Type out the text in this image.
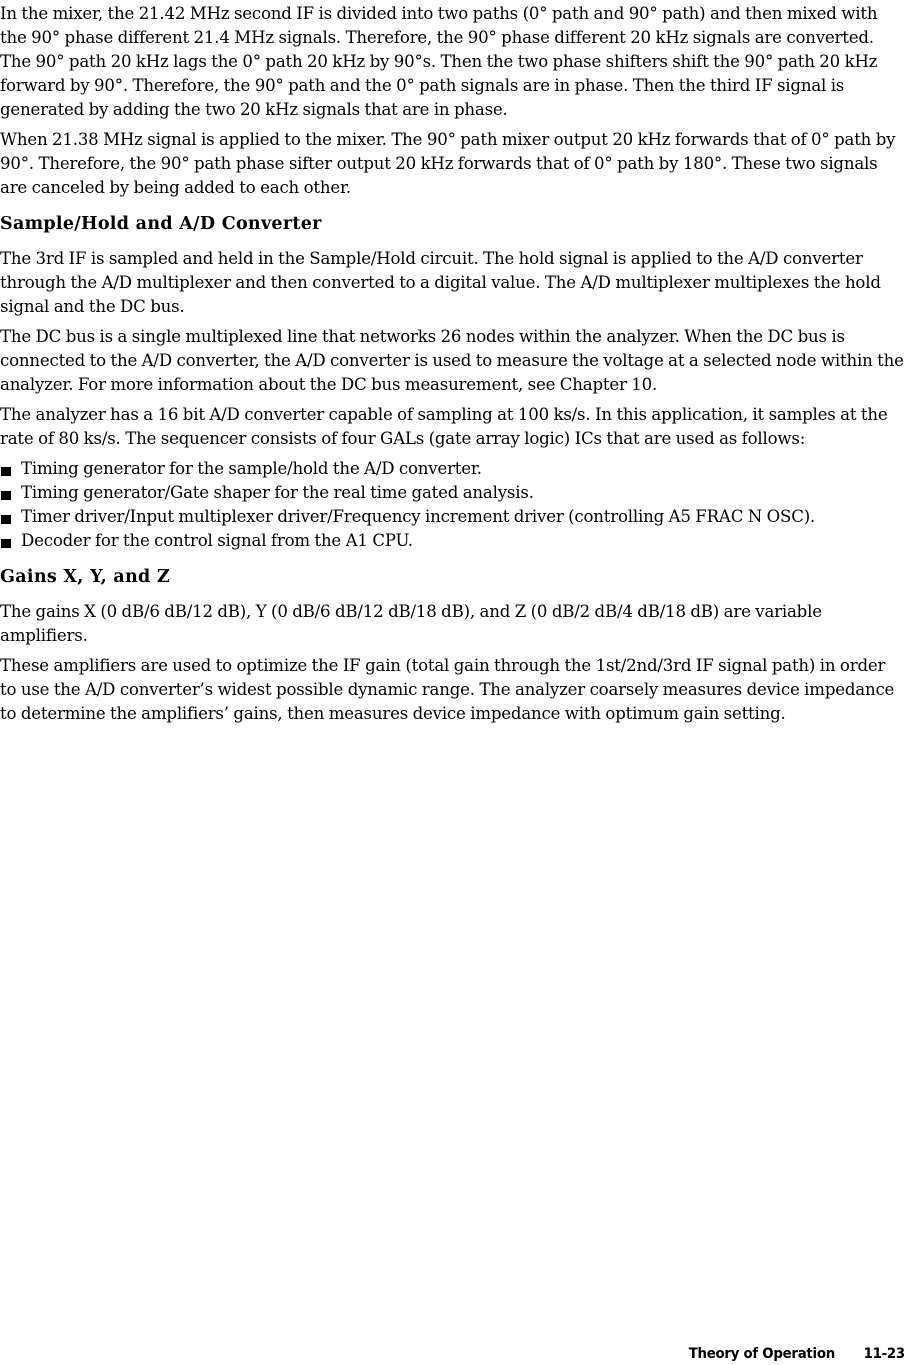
In the mixer, the 21.42 MHz second IF is divided into two paths (0° path and 90° path) and then mixed with the 90° phase different 21.4 MHz signals. Therefore, the 90° phase different 20 kHz signals are converted. The 90° path 20 kHz lags the 0° path 20 kHz by 90°s. Then the two phase shifters shift the 90° path 20 kHz forward by 90°. Therefore, the 90° path and the 0° path signals are in phase. Then the third IF signal is generated by adding the two 20 kHz signals that are in phase.

When 21.38 MHz signal is applied to the mixer. The 90° path mixer output 20 kHz forwards that of 0° path by 90°. Therefore, the 90° path phase sifter output 20 kHz forwards that of 0° path by 180°. These two signals are canceled by being added to each other.

Sample/Hold and A/D Converter

The 3rd IF is sampled and held in the Sample/Hold circuit. The hold signal is applied to the A/D converter through the A/D multiplexer and then converted to a digital value. The A/D multiplexer multiplexes the hold signal and the DC bus.

The DC bus is a single multiplexed line that networks 26 nodes within the analyzer. When the DC bus is connected to the A/D converter, the A/D converter is used to measure the voltage at a selected node within the analyzer. For more information about the DC bus measurement, see Chapter 10.

The analyzer has a 16 bit A/D converter capable of sampling at 100 ks/s. In this application, it samples at the rate of 80 ks/s. The sequencer consists of four GALs (gate array logic) ICs that are used as follows:

Timing generator for the sample/hold the A/D converter.
Timing generator/Gate shaper for the real time gated analysis.
Timer driver/Input multiplexer driver/Frequency increment driver (controlling A5 FRAC N OSC).
Decoder for the control signal from the A1 CPU.
Gains X, Y, and Z

The gains X (0 dB/6 dB/12 dB), Y (0 dB/6 dB/12 dB/18 dB), and Z (0 dB/2 dB/4 dB/18 dB) are variable amplifiers.

These amplifiers are used to optimize the IF gain (total gain through the 1st/2nd/3rd IF signal path) in order to use the A/D converter’s widest possible dynamic range. The analyzer coarsely measures device impedance to determine the amplifiers’ gains, then measures device impedance with optimum gain setting.

Theory of Operation 11-23
